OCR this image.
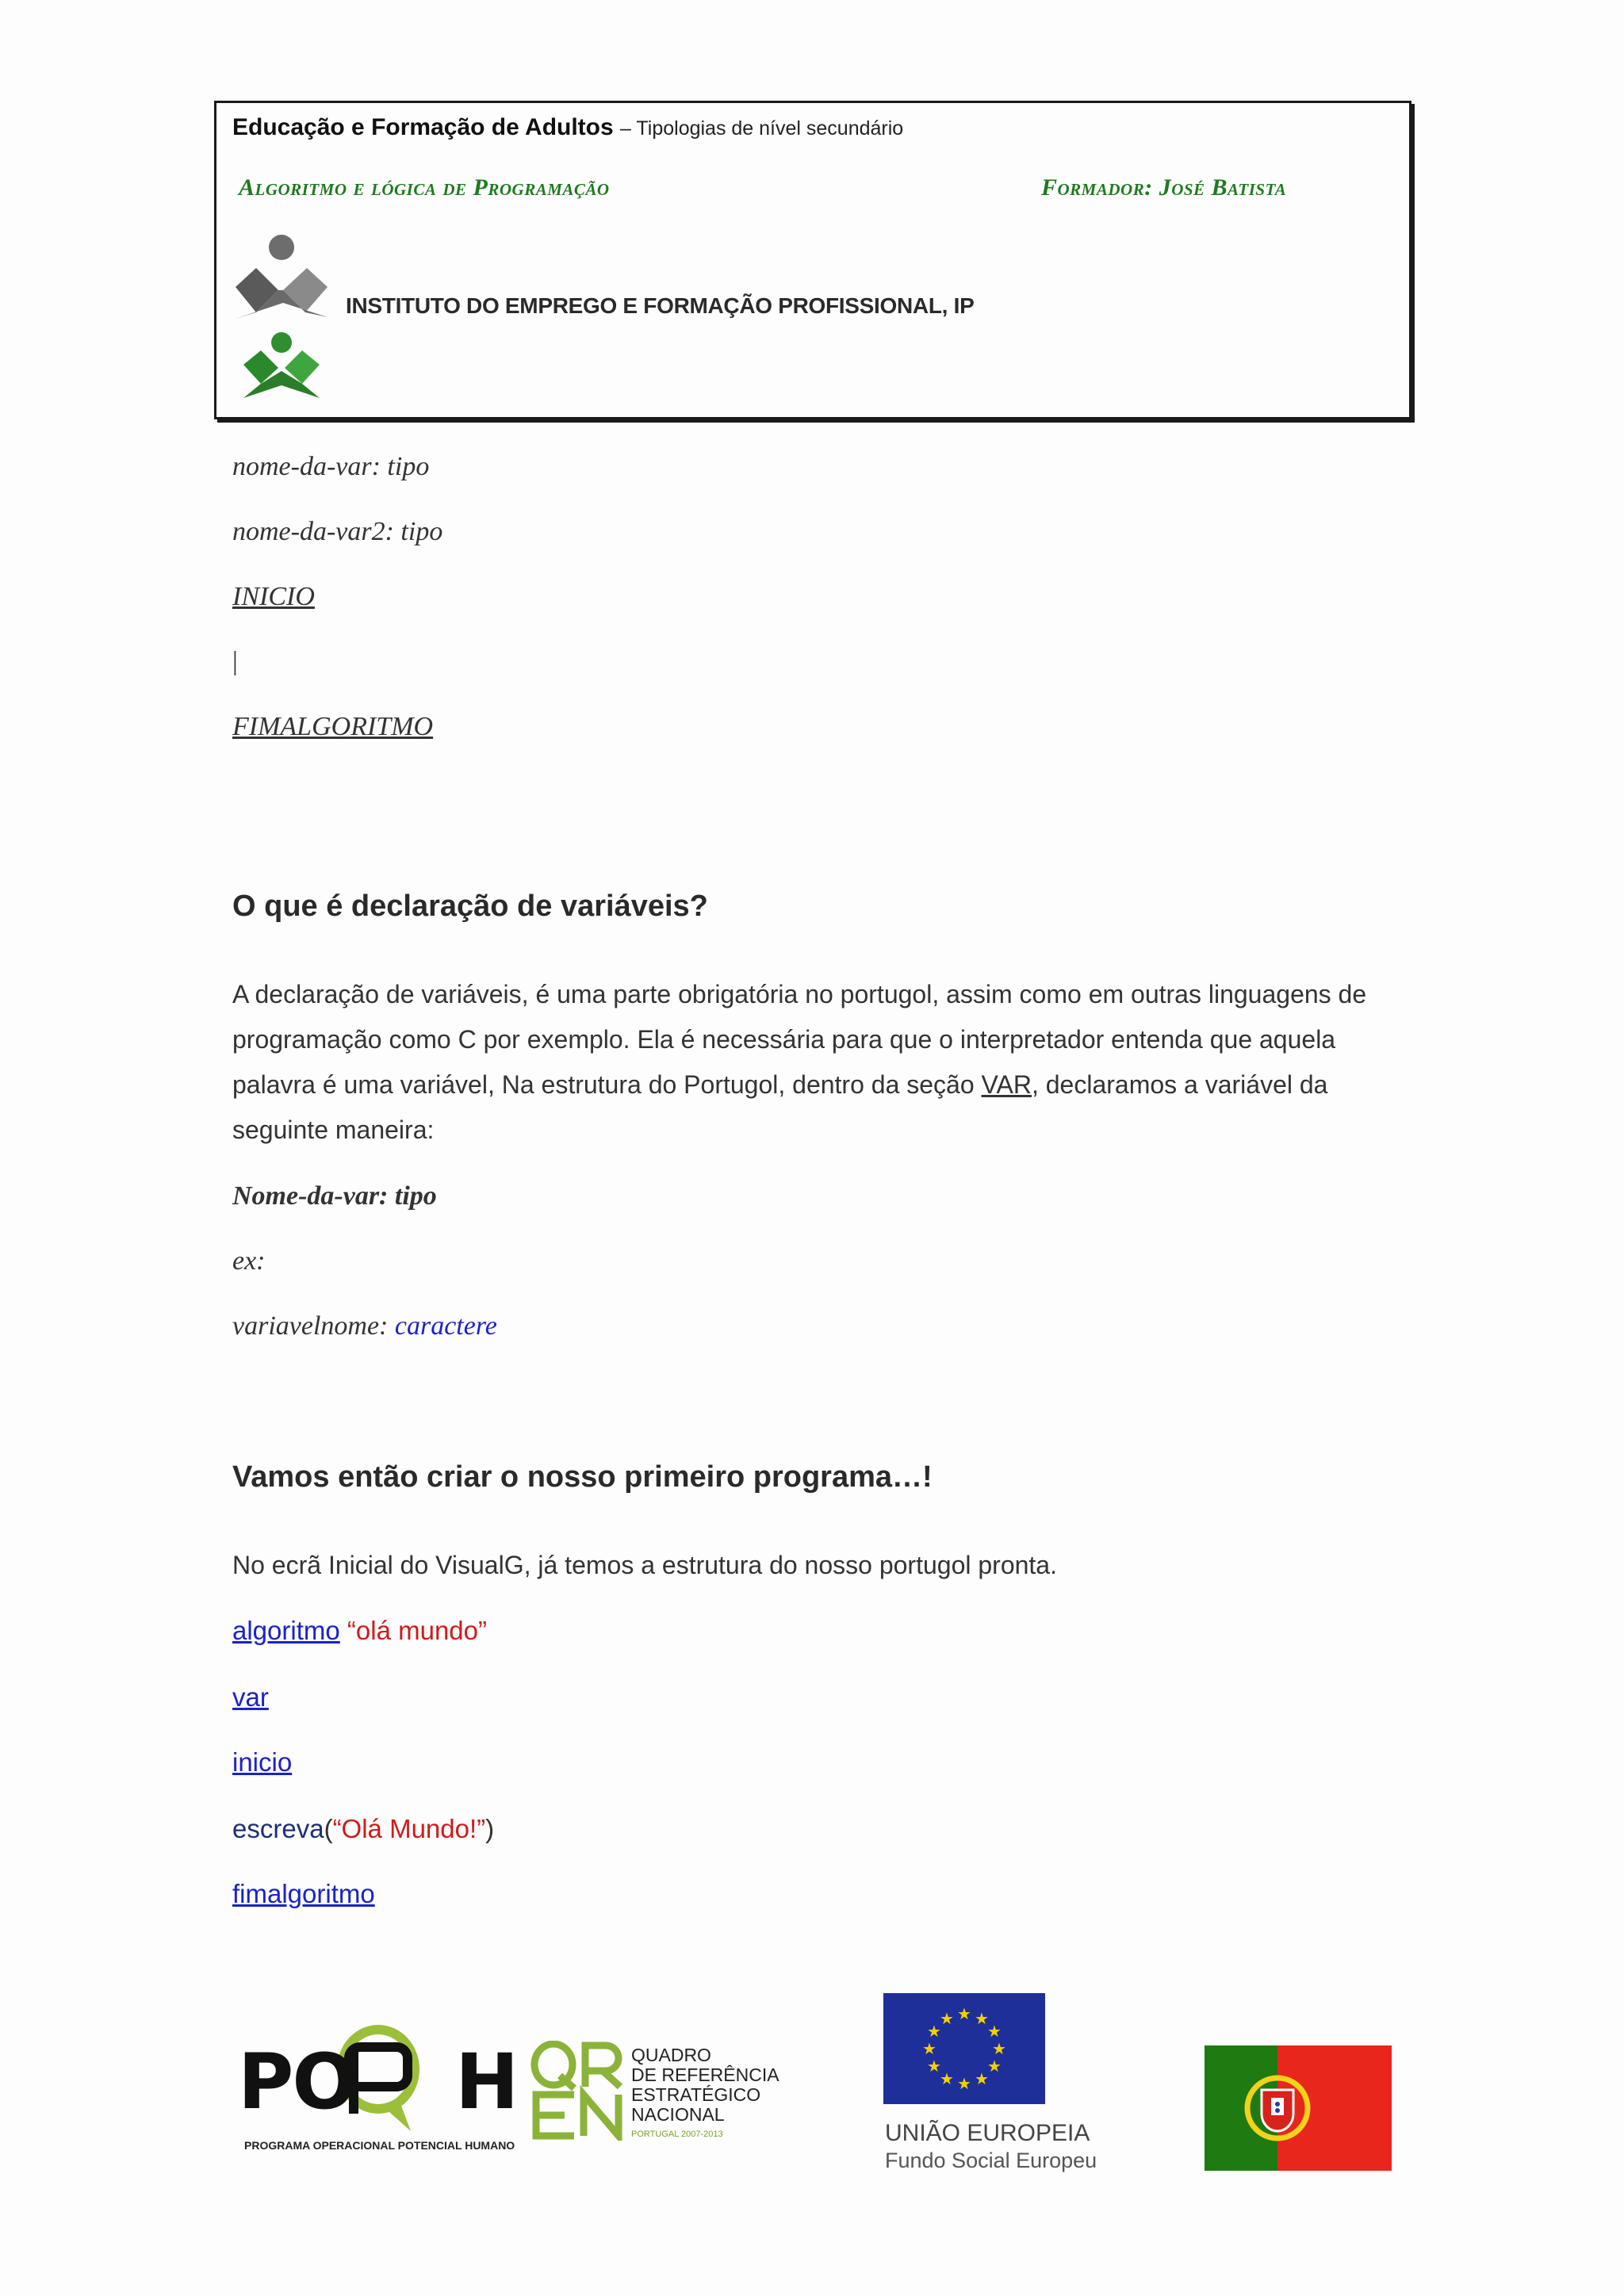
Educação e Formação de Adultos – Tipologias de nível secundário
Algoritmo e lógica de Programação	Formador: José Batista
INSTITUTO DO EMPREGO E FORMAÇÃO PROFISSIONAL, IP
nome-da-var: tipo
nome-da-var2: tipo
INICIO
|
FIMALGORITMO
O que é declaração de variáveis?
A declaração de variáveis, é uma parte obrigatória no portugol, assim como em outras linguagens de programação como C por exemplo. Ela é necessária para que o interpretador entenda que aquela palavra é uma variável, Na estrutura do Portugol, dentro da seção VAR, declaramos a variável da seguinte maneira:
Nome-da-var: tipo
ex:
variavelnome: caractere
Vamos então criar o nosso primeiro programa…!
No ecrã Inicial do VisualG, já temos a estrutura do nosso portugol pronta.
algoritmo “olá mundo”
var
inicio
escreva(“Olá Mundo!”)
fimalgoritmo
PO H
PROGRAMA OPERACIONAL POTENCIAL HUMANO
QUADRO
DE REFERÊNCIA
ESTRATÉGICO
NACIONAL
PORTUGAL 2007-2013
★ ★
★
★
★
★
★
★
★
★
★
★
UNIÃO EUROPEIA
Fundo Social Europeu
